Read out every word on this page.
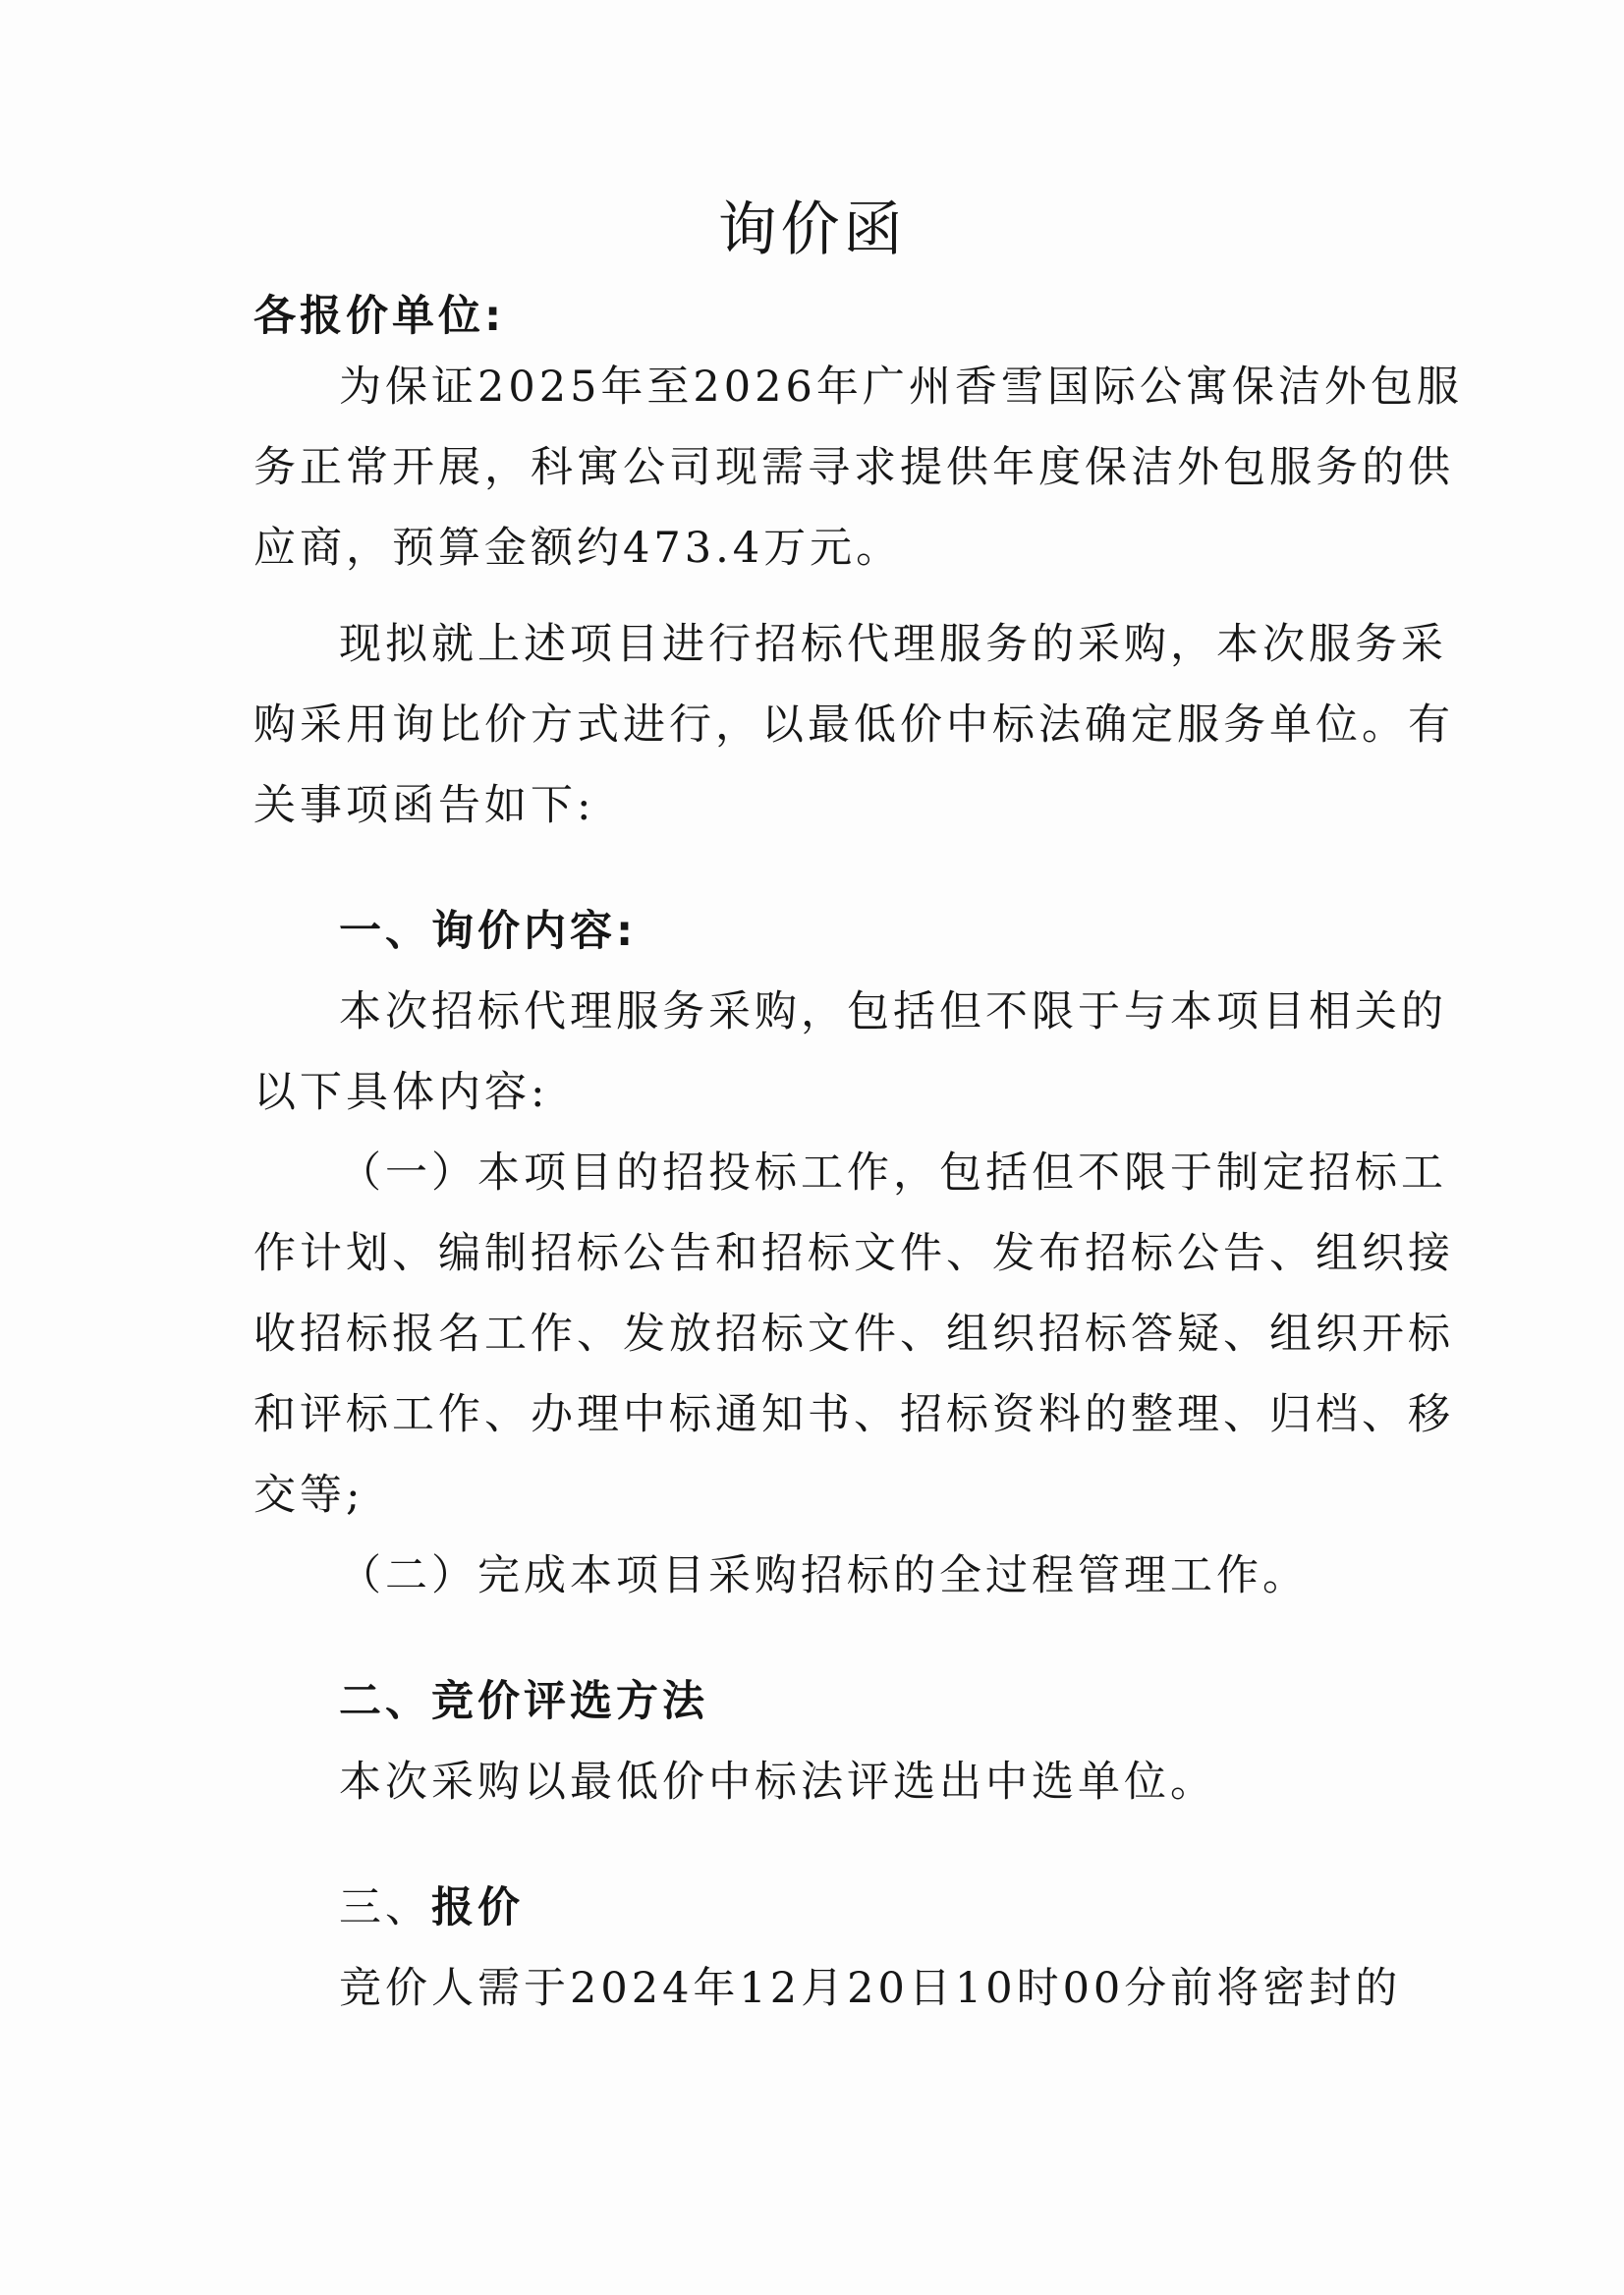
询价函
各报价单位:
为保证2025年至2026年广州香雪国际公寓保洁外包服
务正常开展，科寓公司现需寻求提供年度保洁外包服务的供
应商，预算金额约473.4万元。
现拟就上述项目进行招标代理服务的采购，本次服务采
购采用询比价方式进行，以最低价中标法确定服务单位。有
关事项函告如下:
一、询价内容:
本次招标代理服务采购，包括但不限于与本项目相关的
以下具体内容:
（一）本项目的招投标工作，包括但不限于制定招标工
作计划、编制招标公告和招标文件、发布招标公告、组织接
收招标报名工作、发放招标文件、组织招标答疑、组织开标
和评标工作、办理中标通知书、招标资料的整理、归档、移
交等;
（二）完成本项目采购招标的全过程管理工作。
二、竞价评选方法
本次采购以最低价中标法评选出中选单位。
三、报价
竞价人需于2024年12月20日10时00分前将密封的
